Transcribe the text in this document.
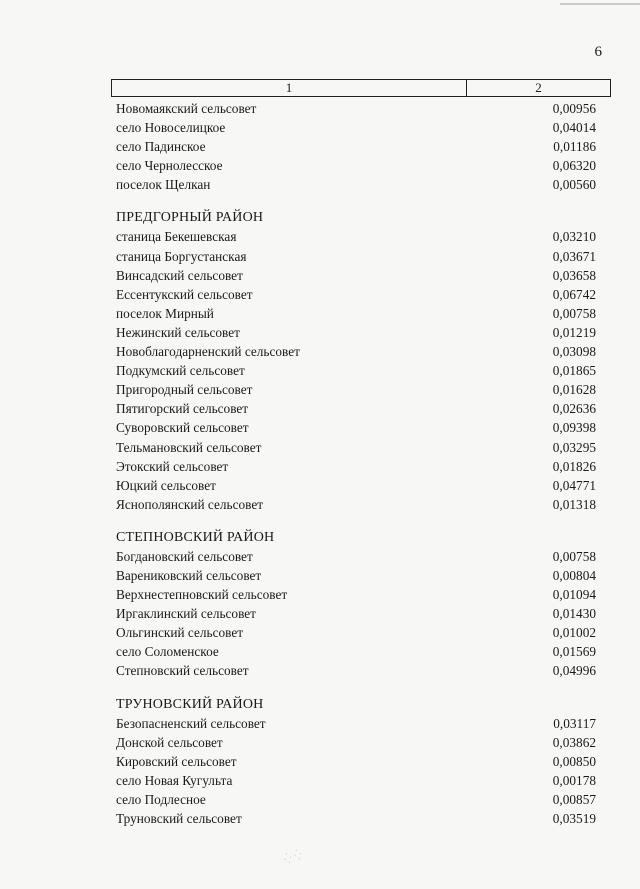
6
1	2
Новомаякский сельсовет	0,00956
село Новоселицкое	0,04014
село Падинское	0,01186
село Чернолесское	0,06320
поселок Щелкан	0,00560
ПРЕДГОРНЫЙ РАЙОН
станица Бекешевская	0,03210
станица Боргустанская	0,03671
Винсадский сельсовет	0,03658
Ессентукский сельсовет	0,06742
поселок Мирный	0,00758
Нежинский сельсовет	0,01219
Новоблагодарненский сельсовет	0,03098
Подкумский сельсовет	0,01865
Пригородный сельсовет	0,01628
Пятигорский сельсовет	0,02636
Суворовский сельсовет	0,09398
Тельмановский сельсовет	0,03295
Этокский сельсовет	0,01826
Юцкий сельсовет	0,04771
Яснополянский сельсовет	0,01318
СТЕПНОВСКИЙ РАЙОН
Богдановский сельсовет	0,00758
Варениковский сельсовет	0,00804
Верхнестепновский сельсовет	0,01094
Иргаклинский сельсовет	0,01430
Ольгинский сельсовет	0,01002
село Соломенское	0,01569
Степновский сельсовет	0,04996
ТРУНОВСКИЙ РАЙОН
Безопасненский сельсовет	0,03117
Донской сельсовет	0,03862
Кировский сельсовет	0,00850
село Новая Кугульта	0,00178
село Подлесное	0,00857
Труновский сельсовет	0,03519
⁛ ⁛
